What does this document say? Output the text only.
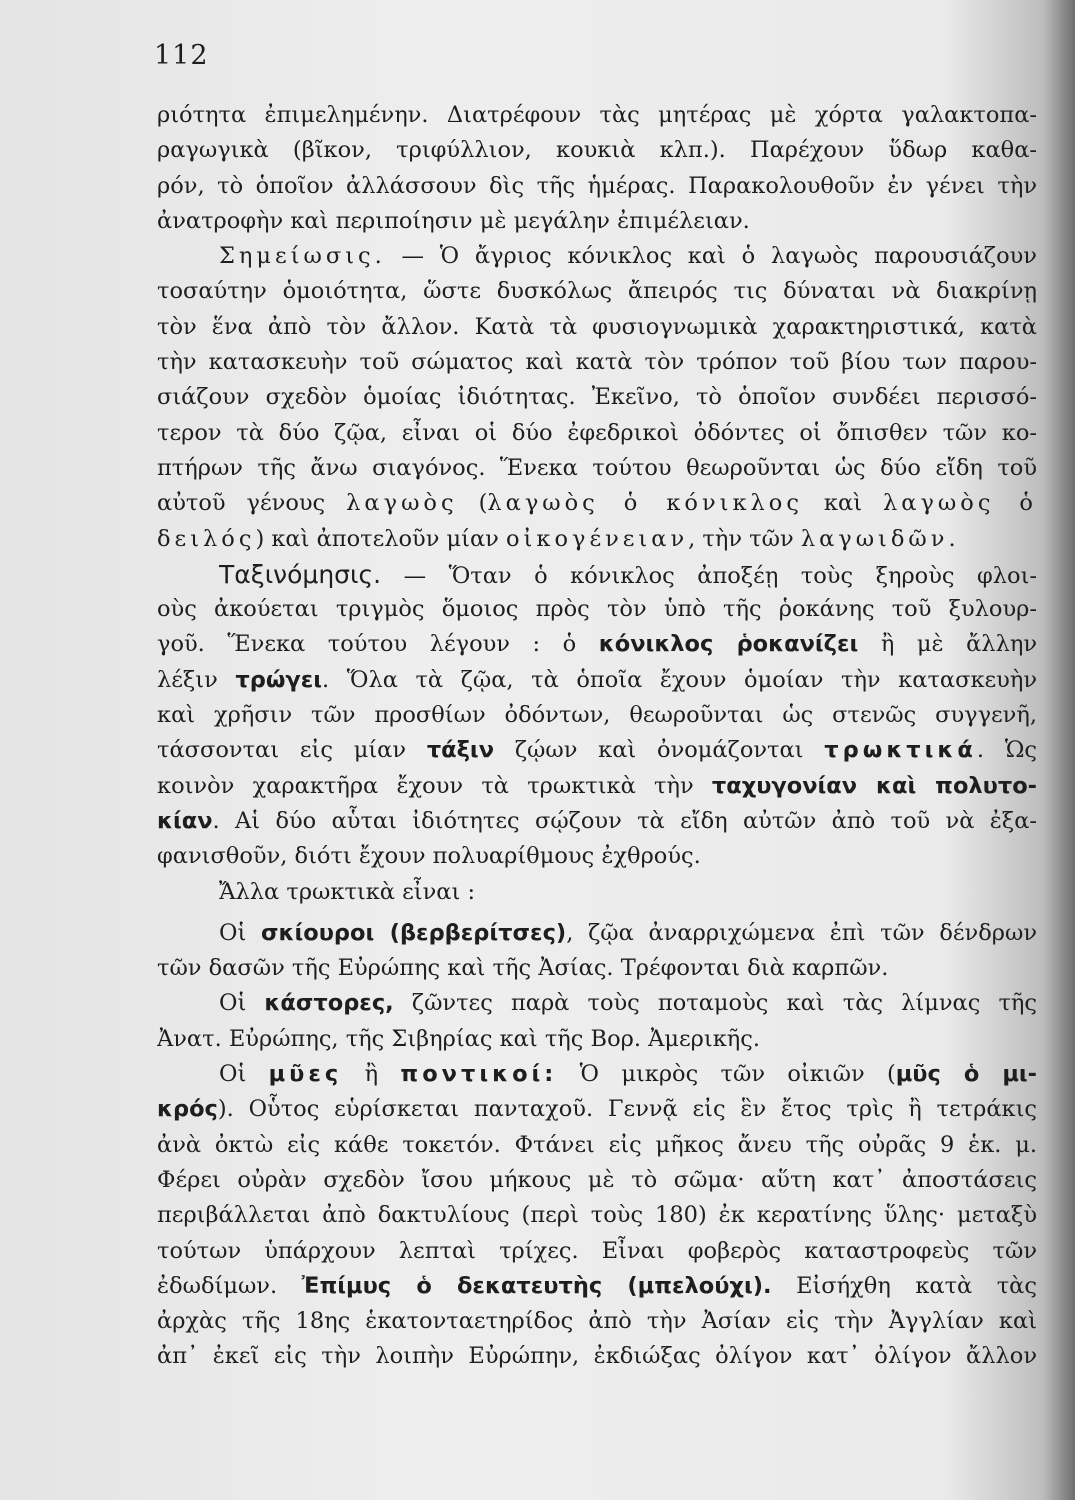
112
ριότητα ἐπιμελημένην. Διατρέφουν τὰς μητέρας μὲ χόρτα γαλακτοπα-
ραγωγικὰ (βῖκον, τριφύλλιον, κουκιὰ κλπ.). Παρέχουν ὕδωρ καθα-
ρόν, τὸ ὁποῖον ἀλλάσσουν δὶς τῆς ἡμέρας. Παρακολουθοῦν ἐν γένει τὴν
ἀνατροφὴν καὶ περιποίησιν μὲ μεγάλην ἐπιμέλειαν.
Σημείωσις. — Ὁ ἄγριος κόνικλος καὶ ὁ λαγωὸς παρουσιάζουν
τοσαύτην ὁμοιότητα, ὥστε δυσκόλως ἄπειρός τις δύναται νὰ διακρίνῃ
τὸν ἕνα ἀπὸ τὸν ἄλλον. Κατὰ τὰ φυσιογνωμικὰ χαρακτηριστικά, κατὰ
τὴν κατασκευὴν τοῦ σώματος καὶ κατὰ τὸν τρόπον τοῦ βίου των παρου-
σιάζουν σχεδὸν ὁμοίας ἰδιότητας. Ἐκεῖνο, τὸ ὁποῖον συνδέει περισσό-
τερον τὰ δύο ζῷα, εἶναι οἱ δύο ἐφεδρικοὶ ὀδόντες οἱ ὄπισθεν τῶν κο-
πτήρων τῆς ἄνω σιαγόνος. Ἕνεκα τούτου θεωροῦνται ὡς δύο εἴδη τοῦ
αὐτοῦ γένους λαγωὸς (λαγωὸς ὁ κόνικλος καὶ λαγωὸς ὁ
δειλός) καὶ ἀποτελοῦν μίαν οἰκογένειαν, τὴν τῶν λαγωιδῶν.
Ταξινόμησις. — Ὅταν ὁ κόνικλος ἀποξέῃ τοὺς ξηροὺς φλοι-
οὺς ἀκούεται τριγμὸς ὅμοιος πρὸς τὸν ὑπὸ τῆς ῥοκάνης τοῦ ξυλουρ-
γοῦ. Ἕνεκα τούτου λέγουν : ὁ κόνικλος ῥοκανίζει ἢ μὲ ἄλλην
λέξιν τρώγει. Ὅλα τὰ ζῷα, τὰ ὁποῖα ἔχουν ὁμοίαν τὴν κατασκευὴν
καὶ χρῆσιν τῶν προσθίων ὀδόντων, θεωροῦνται ὡς στενῶς συγγενῆ,
τάσσονται εἰς μίαν τάξιν ζῴων καὶ ὀνομάζονται τρωκτικά. Ὡς
κοινὸν χαρακτῆρα ἔχουν τὰ τρωκτικὰ τὴν ταχυγονίαν καὶ πολυτο-
κίαν. Αἱ δύο αὗται ἰδιότητες σῴζουν τὰ εἴδη αὐτῶν ἀπὸ τοῦ νὰ ἐξα-
φανισθοῦν, διότι ἔχουν πολυαρίθμους ἐχθρούς.
Ἄλλα τρωκτικὰ εἶναι :
Οἱ σκίουροι (βερβερίτσες), ζῷα ἀναρριχώμενα ἐπὶ τῶν δένδρων
τῶν δασῶν τῆς Εὐρώπης καὶ τῆς Ἀσίας. Τρέφονται διὰ καρπῶν.
Οἱ κάστορες, ζῶντες παρὰ τοὺς ποταμοὺς καὶ τὰς λίμνας τῆς
Ἀνατ. Εὐρώπης, τῆς Σιβηρίας καὶ τῆς Βορ. Ἀμερικῆς.
Οἱ μῦες ἢ ποντικοί: Ὁ μικρὸς τῶν οἰκιῶν (μῦς ὁ μι-
κρός). Οὗτος εὑρίσκεται πανταχοῦ. Γεννᾷ εἰς ἓν ἔτος τρὶς ἢ τετράκις
ἀνὰ ὀκτὼ εἰς κάθε τοκετόν. Φτάνει εἰς μῆκος ἄνευ τῆς οὐρᾶς 9 ἑκ. μ.
Φέρει οὐρὰν σχεδὸν ἴσου μήκους μὲ τὸ σῶμα· αὕτη κατ᾿ ἀποστάσεις
περιβάλλεται ἀπὸ δακτυλίους (περὶ τοὺς 180) ἐκ κερατίνης ὕλης· μεταξὺ
τούτων ὑπάρχουν λεπταὶ τρίχες. Εἶναι φοβερὸς καταστροφεὺς τῶν
ἐδωδίμων. Ἐπίμυς ὁ δεκατευτὴς (μπελούχι). Εἰσήχθη κατὰ τὰς
ἀρχὰς τῆς 18ης ἑκατονταετηρίδος ἀπὸ τὴν Ἀσίαν εἰς τὴν Ἀγγλίαν καὶ
ἀπ᾿ ἐκεῖ εἰς τὴν λοιπὴν Εὐρώπην, ἐκδιώξας ὀλίγον κατ᾿ ὀλίγον ἄλλον
